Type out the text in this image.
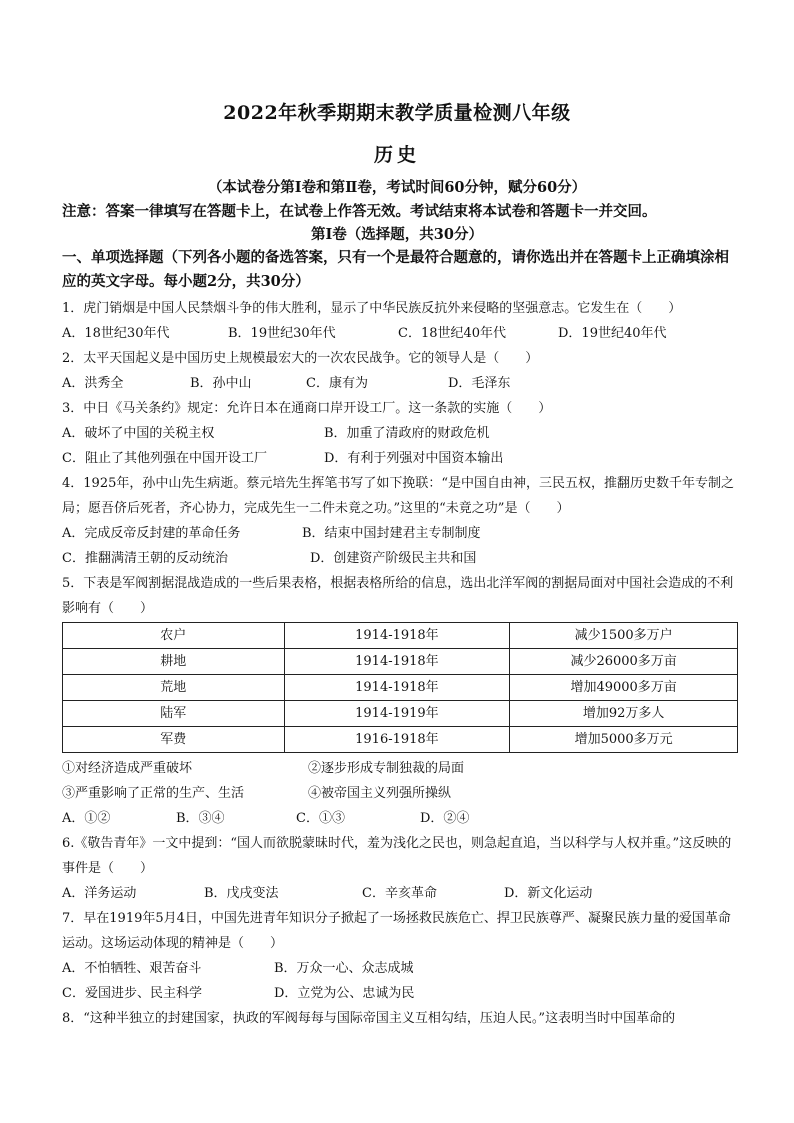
2022年秋季期期末教学质量检测八年级
历史
（本试卷分第Ⅰ卷和第Ⅱ卷，考试时间60分钟，赋分60分）
注意：答案一律填写在答题卡上，在试卷上作答无效。考试结束将本试卷和答题卡一并交回。
第Ⅰ卷（选择题，共30分）
一、单项选择题（下列各小题的备选答案，只有一个是最符合题意的，请你选出并在答题卡上正确填涂相应的英文字母。每小题2分，共30分）
1．虎门销烟是中国人民禁烟斗争的伟大胜利，显示了中华民族反抗外来侵略的坚强意志。它发生在（　　）
A．18世纪30年代	B．19世纪30年代	C．18世纪40年代	D．19世纪40年代
2．太平天国起义是中国历史上规模最宏大的一次农民战争。它的领导人是（　　）
A．洪秀全	B．孙中山	C．康有为	D．毛泽东
3．中日《马关条约》规定：允许日本在通商口岸开设工厂。这一条款的实施（　　）
A．破坏了中国的关税主权	B．加重了清政府的财政危机
C．阻止了其他列强在中国开设工厂	D．有利于列强对中国资本输出
4．1925年，孙中山先生病逝。蔡元培先生挥笔书写了如下挽联：“是中国自由神，三民五权，推翻历史数千年专制之局；愿吾侪后死者，齐心协力，完成先生一二件未竟之功。”这里的“未竟之功”是（　　）
A．完成反帝反封建的革命任务	B．结束中国封建君主专制制度
C．推翻满清王朝的反动统治	D．创建资产阶级民主共和国
5．下表是军阀割据混战造成的一些后果表格，根据表格所给的信息，选出北洋军阀的割据局面对中国社会造成的不利影响有（　　）
农户	1914-1918年	减少1500多万户
耕地	1914-1918年	减少26000多万亩
荒地	1914-1918年	增加49000多万亩
陆军	1914-1919年	增加92万多人
军费	1916-1918年	增加5000多万元
①对经济造成严重破坏	②逐步形成专制独裁的局面
③严重影响了正常的生产、生活	④被帝国主义列强所操纵
A．①②	B．③④	C．①③	D．②④
6.《敬告青年》一文中提到：“国人而欲脱蒙昧时代，羞为浅化之民也，则急起直追，当以科学与人权并重。”这反映的事件是（　　）
A．洋务运动	B．戊戌变法	C．辛亥革命	D．新文化运动
7．早在1919年5月4日，中国先进青年知识分子掀起了一场拯救民族危亡、捍卫民族尊严、凝聚民族力量的爱国革命运动。这场运动体现的精神是（　　）
A．不怕牺牲、艰苦奋斗	B．万众一心、众志成城
C．爱国进步、民主科学	D．立党为公、忠诚为民
8．“这种半独立的封建国家，执政的军阀每每与国际帝国主义互相勾结，压迫人民。”这表明当时中国革命的
